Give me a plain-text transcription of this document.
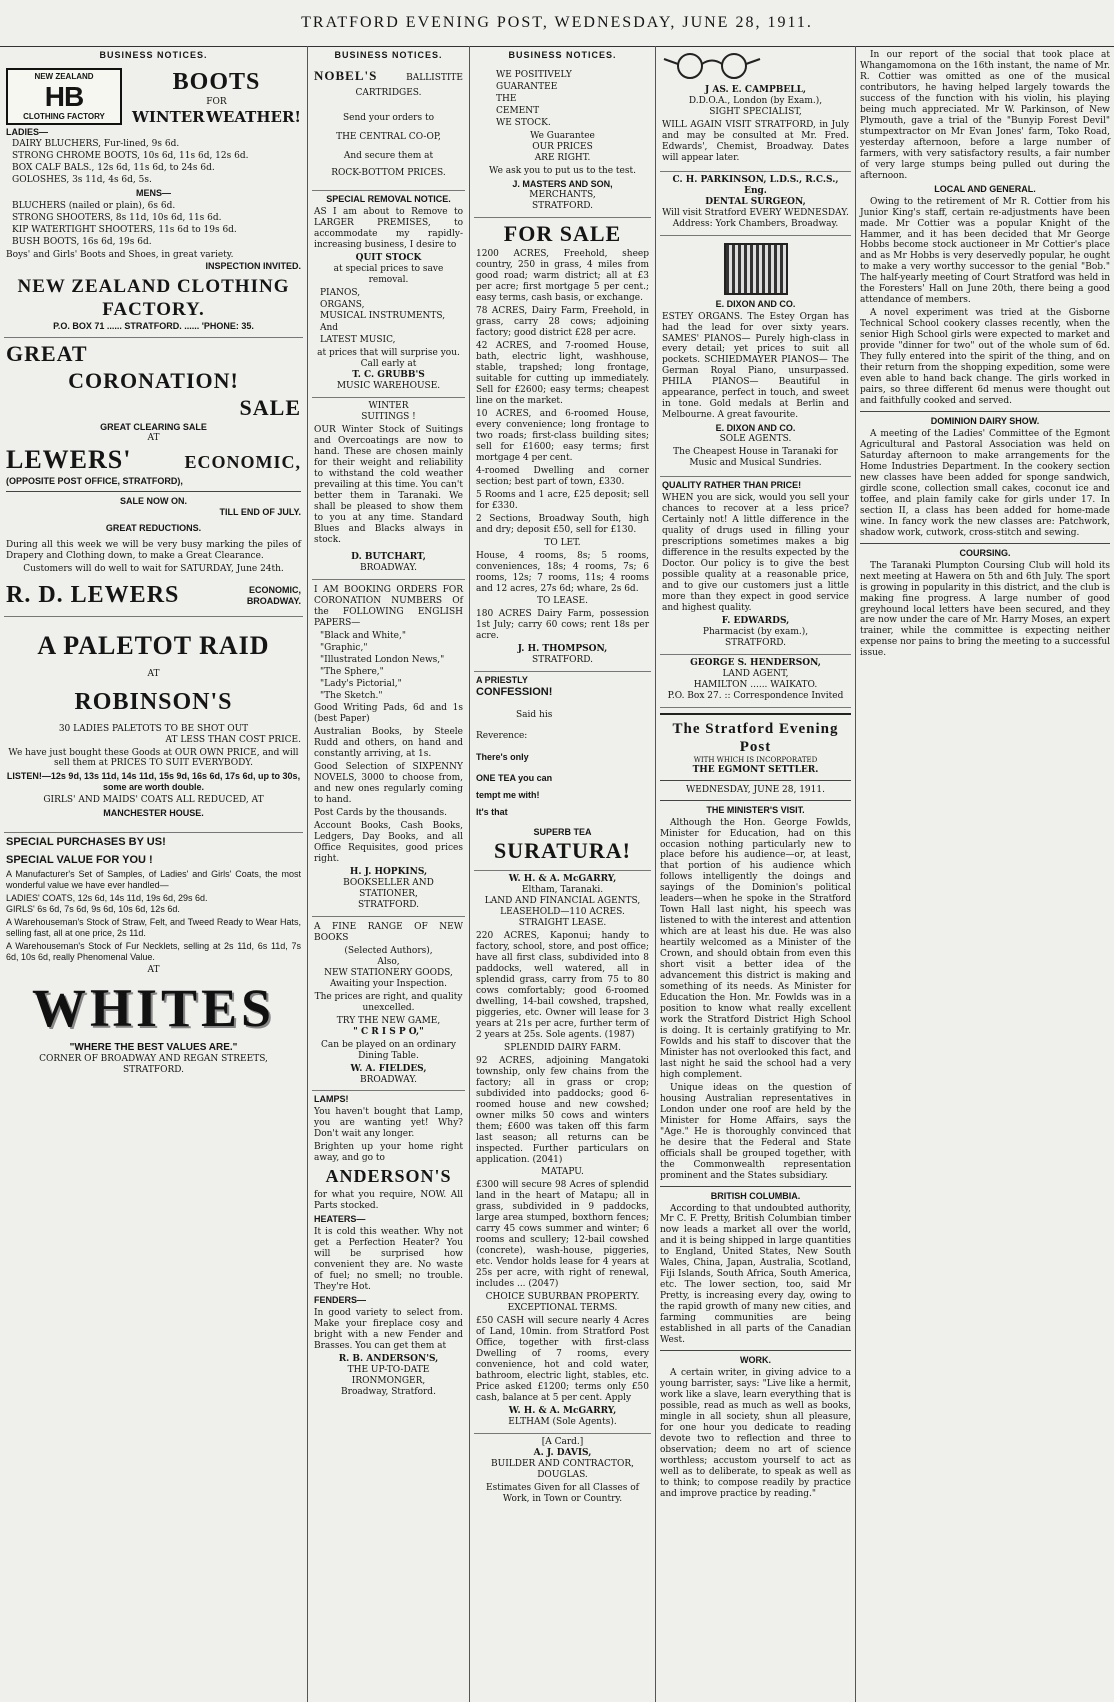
TRATFORD EVENING POST, WEDNESDAY, JUNE 28, 1911.
BUSINESS NOTICES.
NEW ZEALAND
HB
CLOTHING FACTORY
BOOTS
FOR
WINTER WEATHER!
LADIES—
DAIRY BLUCHERS, Fur-lined, 9s 6d.
STRONG CHROME BOOTS, 10s 6d, 11s 6d, 12s 6d.
BOX CALF BALS., 12s 6d, 11s 6d, to 24s 6d.
GOLOSHES, 3s 11d, 4s 6d, 5s.
MENS—
BLUCHERS (nailed or plain), 6s 6d.
STRONG SHOOTERS, 8s 11d, 10s 6d, 11s 6d.
KIP WATERTIGHT SHOOTERS, 11s 6d to 19s 6d.
BUSH BOOTS, 16s 6d, 19s 6d.
Boys' and Girls' Boots and Shoes, in great variety.
INSPECTION INVITED.
NEW ZEALAND CLOTHING FACTORY.
P.O. BOX 71 ...... STRATFORD. ...... 'PHONE: 35.
GREAT
CORONATION!
SALE
GREAT CLEARING SALE
AT
LEWERS'	ECONOMIC,
(OPPOSITE POST OFFICE, STRATFORD),
SALE NOW ON.
TILL END OF JULY.
GREAT REDUCTIONS.

During all this week we will be very busy marking the piles of Drapery and Clothing down, to make a Great Clearance.

Customers will do well to wait for SATURDAY, June 24th.

R. D. LEWERS	ECONOMIC,
BROADWAY.
A PALETOT RAID
AT
ROBINSON'S
30 LADIES PALETOTS TO BE SHOT OUT
AT LESS THAN COST PRICE.

We have just bought these Goods at OUR OWN PRICE, and will sell them at PRICES TO SUIT EVERYBODY.

LISTEN!—12s 9d, 13s 11d, 14s 11d, 15s 9d, 16s 6d, 17s 6d, up to 30s, some are worth double.

GIRLS' AND MAIDS' COATS ALL REDUCED, AT

MANCHESTER HOUSE.
SPECIAL PURCHASES BY US!
SPECIAL VALUE FOR YOU !

A Manufacturer's Set of Samples, of Ladies' and Girls' Coats, the most wonderful value we have ever handled—

LADIES' COATS, 12s 6d, 14s 11d, 19s 6d, 29s 6d.
GIRLS' 6s 6d, 7s 6d, 9s 6d, 10s 6d, 12s 6d.

A Warehouseman's Stock of Straw, Felt, and Tweed Ready to Wear Hats, selling fast, all at one price, 2s 11d.

A Warehouseman's Stock of Fur Necklets, selling at 2s 11d, 6s 11d, 7s 6d, 10s 6d, really Phenomenal Value.

AT
WHITES
"WHERE THE BEST VALUES ARE."
CORNER OF BROADWAY AND REGAN STREETS,
STRATFORD.
BUSINESS NOTICES.
NOBEL'S	BALLISTITE
CARTRIDGES.
Send your orders to
THE CENTRAL CO-OP,
And secure them at
ROCK-BOTTOM PRICES.
SPECIAL REMOVAL NOTICE.

AS I am about to Remove to LARGER PREMISES, to accommodate my rapidly-increasing business, I desire to

QUIT STOCK
at special prices to save removal.
PIANOS,
ORGANS,
MUSICAL INSTRUMENTS,
And
LATEST MUSIC,
at prices that will surprise you.
Call early at
T. C. GRUBB'S
MUSIC WAREHOUSE.
WINTER
SUITINGS !

OUR Winter Stock of Suitings and Overcoatings are now to hand. These are chosen mainly for their weight and reliability to withstand the cold weather prevailing at this time. You can't better them in Taranaki. We shall be pleased to show them to you at any time. Standard Blues and Blacks always in stock.

D. BUTCHART,
BROADWAY.

I AM BOOKING ORDERS FOR CORONATION NUMBERS Of the FOLLOWING ENGLISH PAPERS—

"Black and White,"
"Graphic,"
"Illustrated London News,"
"The Sphere,"
"Lady's Pictorial,"
"The Sketch."

Good Writing Pads, 6d and 1s (best Paper)

Australian Books, by Steele Rudd and others, on hand and constantly arriving, at 1s.

Good Selection of SIXPENNY NOVELS, 3000 to choose from, and new ones regularly coming to hand.

Post Cards by the thousands.

Account Books, Cash Books, Ledgers, Day Books, and all Office Requisites, good prices right.

H. J. HOPKINS,
BOOKSELLER AND STATIONER,
STRATFORD.

A FINE RANGE OF NEW BOOKS

(Selected Authors),
Also,
NEW STATIONERY GOODS,
Awaiting your Inspection.

The prices are right, and quality unexcelled.

TRY THE NEW GAME,
" C R I S P O,"

Can be played on an ordinary Dining Table.

W. A. FIELDES,
BROADWAY.
LAMPS!

You haven't bought that Lamp, you are wanting yet! Why? Don't wait any longer.

Brighten up your home right away, and go to

ANDERSON'S

for what you require, NOW. All Parts stocked.

HEATERS—

It is cold this weather. Why not get a Perfection Heater? You will be surprised how convenient they are. No waste of fuel; no smell; no trouble. They're Hot.

FENDERS—

In good variety to select from. Make your fireplace cosy and bright with a new Fender and Brasses. You can get them at

R. B. ANDERSON'S,
THE UP-TO-DATE IRONMONGER,
Broadway, Stratford.
BUSINESS NOTICES.
WE POSITIVELY
GUARANTEE
THE
CEMENT
WE STOCK.
We Guarantee
OUR PRICES
ARE RIGHT.

We ask you to put us to the test.

J. MASTERS AND SON,
MERCHANTS,
STRATFORD.
FOR SALE

1200 ACRES, Freehold, sheep country, 250 in grass, 4 miles from good road; warm district; all at £3 per acre; first mortgage 5 per cent.; easy terms, cash basis, or exchange.

78 ACRES, Dairy Farm, Freehold, in grass, carry 28 cows; adjoining factory; good district £28 per acre.

42 ACRES, and 7-roomed House, bath, electric light, washhouse, stable, trapshed; long frontage, suitable for cutting up immediately. Sell for £2600; easy terms; cheapest line on the market.

10 ACRES, and 6-roomed House, every convenience; long frontage to two roads; first-class building sites; sell for £1600; easy terms; first mortgage 4 per cent.

4-roomed Dwelling and corner section; best part of town, £330.

5 Rooms and 1 acre, £25 deposit; sell for £330.

2 Sections, Broadway South, high and dry; deposit £50, sell for £130.

TO LET.

House, 4 rooms, 8s; 5 rooms, conveniences, 18s; 4 rooms, 7s; 6 rooms, 12s; 7 rooms, 11s; 4 rooms and 12 acres, 27s 6d; whare, 2s 6d.

TO LEASE.

180 ACRES Dairy Farm, possession 1st July; carry 60 cows; rent 18s per acre.

J. H. THOMPSON,
STRATFORD.
A PRIESTLY
CONFESSION!
Said his
Reverence:
There's only
ONE TEA you can
tempt me with!
It's that
SUPERB TEA
SURATURA!
W. H. & A. McGARRY,
Eltham, Taranaki.
LAND AND FINANCIAL AGENTS,
LEASEHOLD—110 ACRES.
STRAIGHT LEASE.

220 ACRES, Kaponui; handy to factory, school, store, and post office; have all first class, subdivided into 8 paddocks, well watered, all in splendid grass, carry from 75 to 80 cows comfortably; good 6-roomed dwelling, 14-bail cowshed, trapshed, piggeries, etc. Owner will lease for 3 years at 21s per acre, further term of 2 years at 25s. Sole agents. (1987)

SPLENDID DAIRY FARM.

92 ACRES, adjoining Mangatoki township, only few chains from the factory; all in grass or crop; subdivided into paddocks; good 6-roomed house and new cowshed; owner milks 50 cows and winters them; £600 was taken off this farm last season; all returns can be inspected. Further particulars on application. (2041)

MATAPU.

£300 will secure 98 Acres of splendid land in the heart of Matapu; all in grass, subdivided in 9 paddocks, large area stumped, boxthorn fences; carry 45 cows summer and winter; 6 rooms and scullery; 12-bail cowshed (concrete), wash-house, piggeries, etc. Vendor holds lease for 4 years at 25s per acre, with right of renewal, includes ... (2047)

CHOICE SUBURBAN PROPERTY.
EXCEPTIONAL TERMS.

£50 CASH will secure nearly 4 Acres of Land, 10min. from Stratford Post Office, together with first-class Dwelling of 7 rooms, every convenience, hot and cold water, bathroom, electric light, stables, etc. Price asked £1200; terms only £50 cash, balance at 5 per cent. Apply

W. H. & A. McGARRY,
ELTHAM (Sole Agents).
[A Card.]
A. J. DAVIS,
BUILDER AND CONTRACTOR,
DOUGLAS.

Estimates Given for all Classes of Work, in Town or Country.

J AS. E. CAMPBELL,
D.D.O.A., London (by Exam.),
SIGHT SPECIALIST,

WILL AGAIN VISIT STRATFORD, in July and may be consulted at Mr. Fred. Edwards', Chemist, Broadway. Dates will appear later.

C. H. PARKINSON, L.D.S., R.C.S., Eng.
DENTAL SURGEON,
Will visit Stratford EVERY WEDNESDAY.
Address: York Chambers, Broadway.
E. DIXON AND CO.

ESTEY ORGANS. The Estey Organ has had the lead for over sixty years. SAMES' PIANOS— Purely high-class in every detail; yet prices to suit all pockets. SCHIEDMAYER PIANOS— The German Royal Piano, unsurpassed. PHILA PIANOS— Beautiful in appearance, perfect in touch, and sweet in tone. Gold medals at Berlin and Melbourne. A great favourite.

E. DIXON AND CO.
SOLE AGENTS.

The Cheapest House in Taranaki for Music and Musical Sundries.

QUALITY RATHER THAN PRICE!

WHEN you are sick, would you sell your chances to recover at a less price? Certainly not! A little difference in the quality of drugs used in filling your prescriptions sometimes makes a big difference in the results expected by the Doctor. Our policy is to give the best possible quality at a reasonable price, and to give our customers just a little more than they expect in good service and highest quality.

F. EDWARDS,
Pharmacist (by exam.),
STRATFORD.
GEORGE S. HENDERSON,
LAND AGENT,
HAMILTON ...... WAIKATO.
P.O. Box 27. :: Correspondence Invited
The Stratford Evening Post
WITH WHICH IS INCORPORATED
THE EGMONT SETTLER.
WEDNESDAY, JUNE 28, 1911.
THE MINISTER'S VISIT.

Although the Hon. George Fowlds, Minister for Education, had on this occasion nothing particularly new to place before his audience—or, at least, that portion of his audience which follows intelligently the doings and sayings of the Dominion's political leaders—when he spoke in the Stratford Town Hall last night, his speech was listened to with the interest and attention which are at least his due. He was also heartily welcomed as a Minister of the Crown, and should obtain from even this short visit a better idea of the advancement this district is making and something of its needs. As Minister for Education the Hon. Mr. Fowlds was in a position to know what really excellent work the Stratford District High School is doing. It is certainly gratifying to Mr. Fowlds and his staff to discover that the Minister has not overlooked this fact, and last night he said the school had a very high complement.

Unique ideas on the question of housing Australian representatives in London under one roof are held by the Minister for Home Affairs, says the "Age." He is thoroughly convinced that he desire that the Federal and State officials shall be grouped together, with the Commonwealth representation prominent and the States subsidiary.

BRITISH COLUMBIA.

According to that undoubted authority, Mr C. F. Pretty, British Columbian timber now leads a market all over the world, and it is being shipped in large quantities to England, United States, New South Wales, China, Japan, Australia, Scotland, Fiji Islands, South Africa, South America, etc. The lower section, too, said Mr Pretty, is increasing every day, owing to the rapid growth of many new cities, and farming communities are being established in all parts of the Canadian West.

WORK.

A certain writer, in giving advice to a young barrister, says: "Live like a hermit, work like a slave, learn everything that is possible, read as much as well as books, mingle in all society, shun all pleasure, for one hour you dedicate to reading devote two to reflection and three to observation; deem no art of science worthless; accustom yourself to act as well as to deliberate, to speak as well as to think; to compose readily by practice and improve practice by reading."

In our report of the social that took place at Whangamomona on the 16th instant, the name of Mr. R. Cottier was omitted as one of the musical contributors, he having helped largely towards the success of the function with his violin, his playing being much appreciated. Mr W. Parkinson, of New Plymouth, gave a trial of the "Bunyip Forest Devil" stumpextractor on Mr Evan Jones' farm, Toko Road, yesterday afternoon, before a large number of farmers, with very satisfactory results, a fair number of very large stumps being pulled out during the afternoon.

LOCAL AND GENERAL.

Owing to the retirement of Mr R. Cottier from his Junior King's staff, certain re-adjustments have been made. Mr Cottier was a popular Knight of the Hammer, and it has been decided that Mr George Hobbs become stock auctioneer in Mr Cottier's place and as Mr Hobbs is very deservedly popular, he ought to make a very worthy successor to the genial "Bob." The half-yearly meeting of Court Stratford was held in the Foresters' Hall on June 20th, there being a good attendance of members.

A novel experiment was tried at the Gisborne Technical School cookery classes recently, when the senior High School girls were expected to market and provide "dinner for two" out of the whole sum of 6d. They fully entered into the spirit of the thing, and on their return from the shopping expedition, some were even able to hand back change. The girls worked in pairs, so three different 6d menus were thought out and faithfully cooked and served.

DOMINION DAIRY SHOW.

A meeting of the Ladies' Committee of the Egmont Agricultural and Pastoral Association was held on Saturday afternoon to make arrangements for the Home Industries Department. In the cookery section new classes have been added for sponge sandwich, girdle scone, collection small cakes, coconut ice and toffee, and plain family cake for girls under 17. In section II, a class has been added for home-made wine. In fancy work the new classes are: Patchwork, shadow work, cutwork, cross-stitch and sewing.

COURSING.

The Taranaki Plumpton Coursing Club will hold its next meeting at Hawera on 5th and 6th July. The sport is growing in popularity in this district, and the club is making fine progress. A large number of good greyhound local letters have been secured, and they are now under the care of Mr. Harry Moses, an expert trainer, while the committee is expecting neither expense nor pains to bring the meeting to a successful issue.
